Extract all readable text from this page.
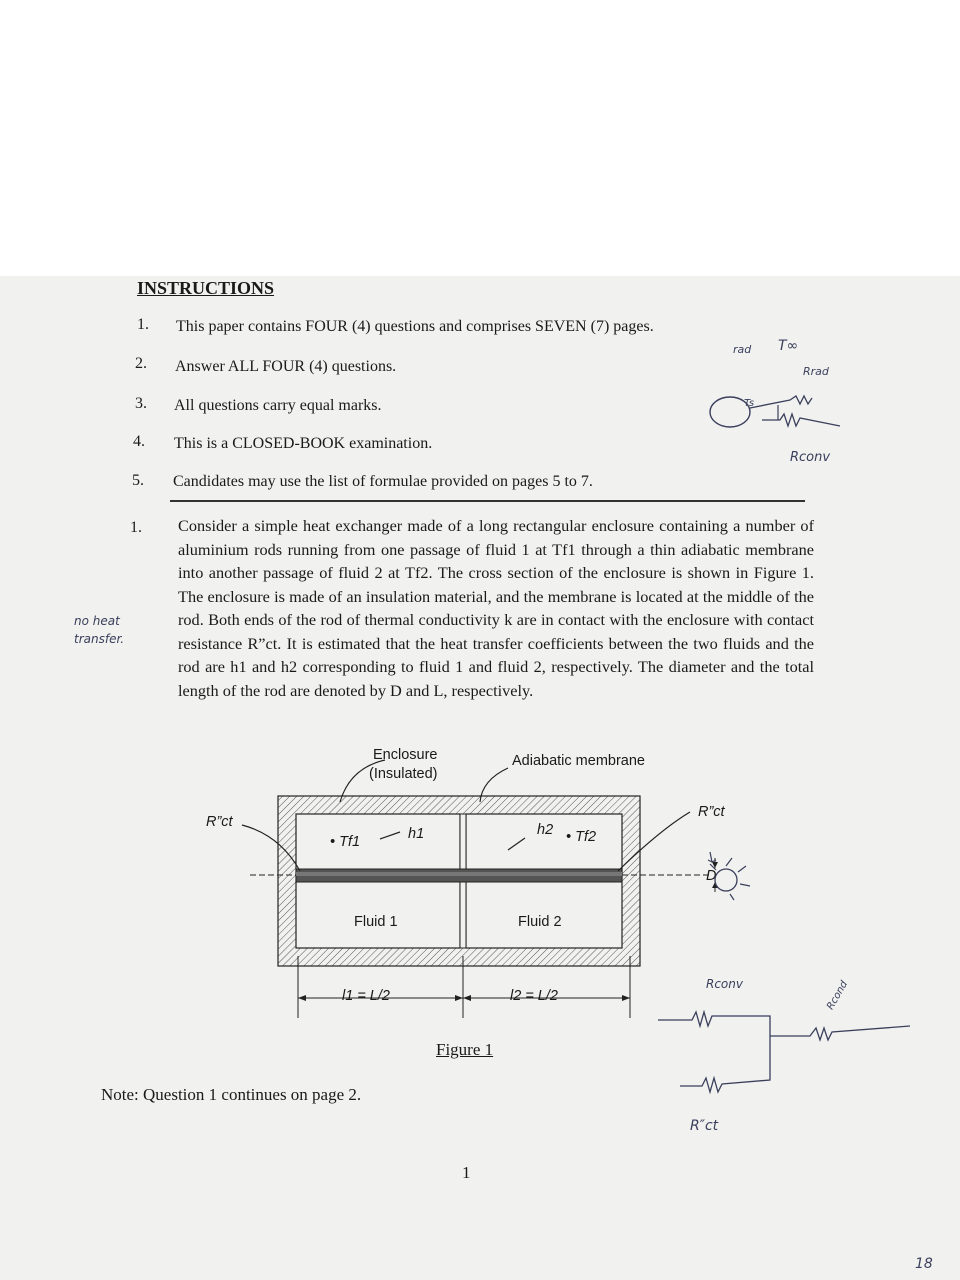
INSTRUCTIONS
1. This paper contains FOUR (4) questions and comprises SEVEN (7) pages.
2. Answer ALL FOUR (4) questions.
3. All questions carry equal marks.
4. This is a CLOSED-BOOK examination.
5. Candidates may use the list of formulae provided on pages 5 to 7.
1. Consider a simple heat exchanger made of a long rectangular enclosure containing a number of aluminium rods running from one passage of fluid 1 at Tf1 through a thin adiabatic membrane into another passage of fluid 2 at Tf2. The cross section of the enclosure is shown in Figure 1. The enclosure is made of an insulation material, and the membrane is located at the middle of the rod. Both ends of the rod of thermal conductivity k are in contact with the enclosure with contact resistance R”ct. It is estimated that the heat transfer coefficients between the two fluids and the rod are h1 and h2 corresponding to fluid 1 and fluid 2, respectively. The diameter and the total length of the rod are denoted by D and L, respectively.
no heat
transfer.
rad T∞
Rrad
Ts
Rconv
Enclosure
(Insulated)
Adiabatic membrane
R”ct
R”ct
• Tf1	h1	h2 • Tf2
Fluid 1	Fluid 2
l1 = L/2	l2 = L/2
D
Figure 1
Rconv
R″ct
Rcond
Note: Question 1 continues on page 2.
1
18
